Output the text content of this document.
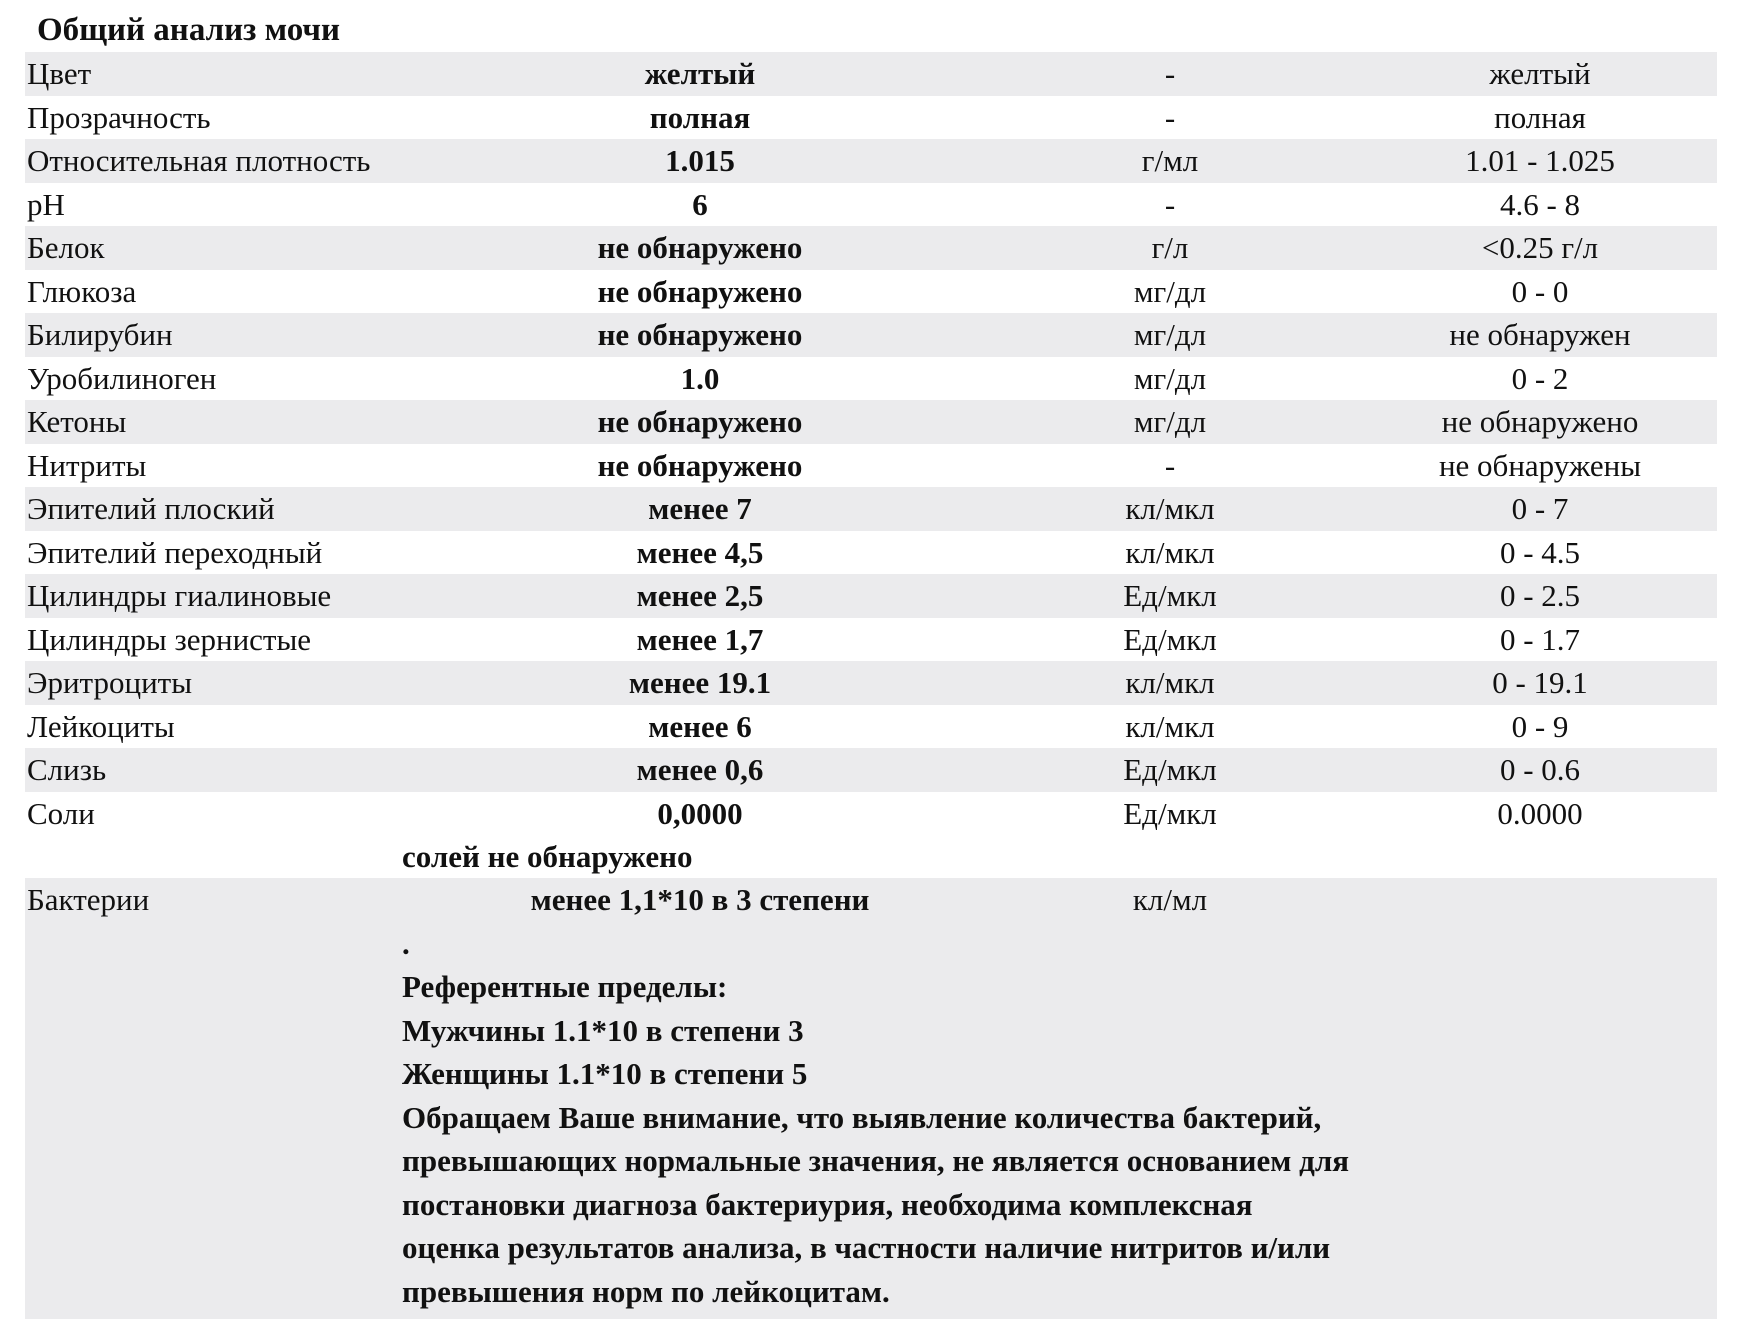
Общий анализ мочи
Цвет	желтый	-	желтый
Прозрачность	полная	-	полная
Относительная плотность	1.015	г/мл	1.01 - 1.025
pH	6	-	4.6 - 8
Белок	не обнаружено	г/л	<0.25 г/л
Глюкоза	не обнаружено	мг/дл	0 - 0
Билирубин	не обнаружено	мг/дл	не обнаружен
Уробилиноген	1.0	мг/дл	0 - 2
Кетоны	не обнаружено	мг/дл	не обнаружено
Нитриты	не обнаружено	-	не обнаружены
Эпителий плоский	менее 7	кл/мкл	0 - 7
Эпителий переходный	менее 4,5	кл/мкл	0 - 4.5
Цилиндры гиалиновые	менее 2,5	Ед/мкл	0 - 2.5
Цилиндры зернистые	менее 1,7	Ед/мкл	0 - 1.7
Эритроциты	менее 19.1	кл/мкл	0 - 19.1
Лейкоциты	менее 6	кл/мкл	0 - 9
Слизь	менее 0,6	Ед/мкл	0 - 0.6
Соли	0,0000	Ед/мкл	0.0000
солей не обнаружено
Бактерии	менее 1,1*10 в 3 степени	кл/мл
.
Референтные пределы:
Мужчины 1.1*10 в степени 3
Женщины 1.1*10 в степени 5
Обращаем Ваше внимание, что выявление количества бактерий,
превышающих нормальные значения, не является основанием для
постановки диагноза бактериурия, необходима комплексная
оценка результатов анализа, в частности наличие нитритов и/или
превышения норм по лейкоцитам.
